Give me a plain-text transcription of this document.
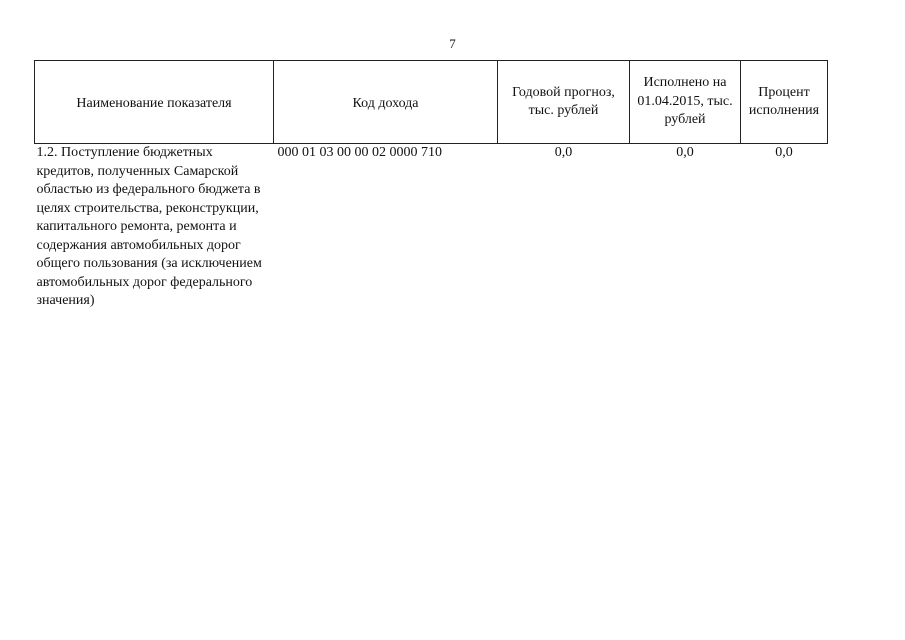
7
Наименование показателя	Код дохода	Годовой прогноз, тыс. рублей	Исполнено на 01.04.2015, тыс. рублей	Процент исполнения
1.2. Поступление бюджетных кредитов, полученных Самарской областью из федерального бюджета в целях строительства, реконструкции, капитального ремонта, ремонта и содержания автомобильных дорог общего пользования (за исключением автомобильных дорог федерального значения)	000 01 03 00 00 02 0000 710	0,0	0,0	0,0
